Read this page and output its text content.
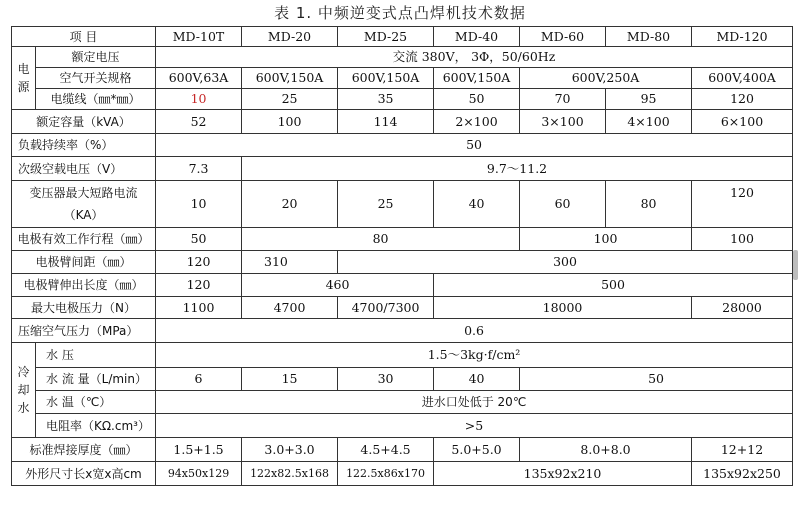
表 1. 中频逆变式点凸焊机技术数据
项 目		MD-10T	MD-20	MD-25	MD-40	MD-60	MD-80	MD-120
电
源	额定电压	交流 380V， 3Φ，50/60Hz						
	空气开关规格	600V,63A	600V,150A	600V,150A	600V,150A	600V,250A		600V,400A
	电缆线（㎜*㎜）	10	25	35	50	70	95	120
额定容量（kVA）		52	100	114	2×100	3×100	4×100	6×100
负载持续率（%）		50						
次级空载电压（V）		7.3	9.7～11.2					
变压器最大短路电流 （KA）		10	20	25	40	60	80	120
电极有效工作行程（㎜）		50	80			100		100
电极臂间距（㎜）		120	310	300				
电极臂伸出长度（㎜）		120	460		500			
最大电极压力（N）		1100	4700	4700/7300	18000			28000
压缩空气压力（MPa）		0.6						
冷
却
水	水 压	1.5～3kg·f/cm²						
	水 流 量（L/min）	6	15	30	40	50		
	水 温（℃）	进水口处低于 20℃						
	电阻率（KΩ.cm³）	>5						
标准焊接厚度（㎜）		1.5+1.5	3.0+3.0	4.5+4.5	5.0+5.0	8.0+8.0		12+12
外形尺寸长x宽x高cm		94x50x129	122x82.5x168	122.5x86x170	135x92x210			135x92x250
